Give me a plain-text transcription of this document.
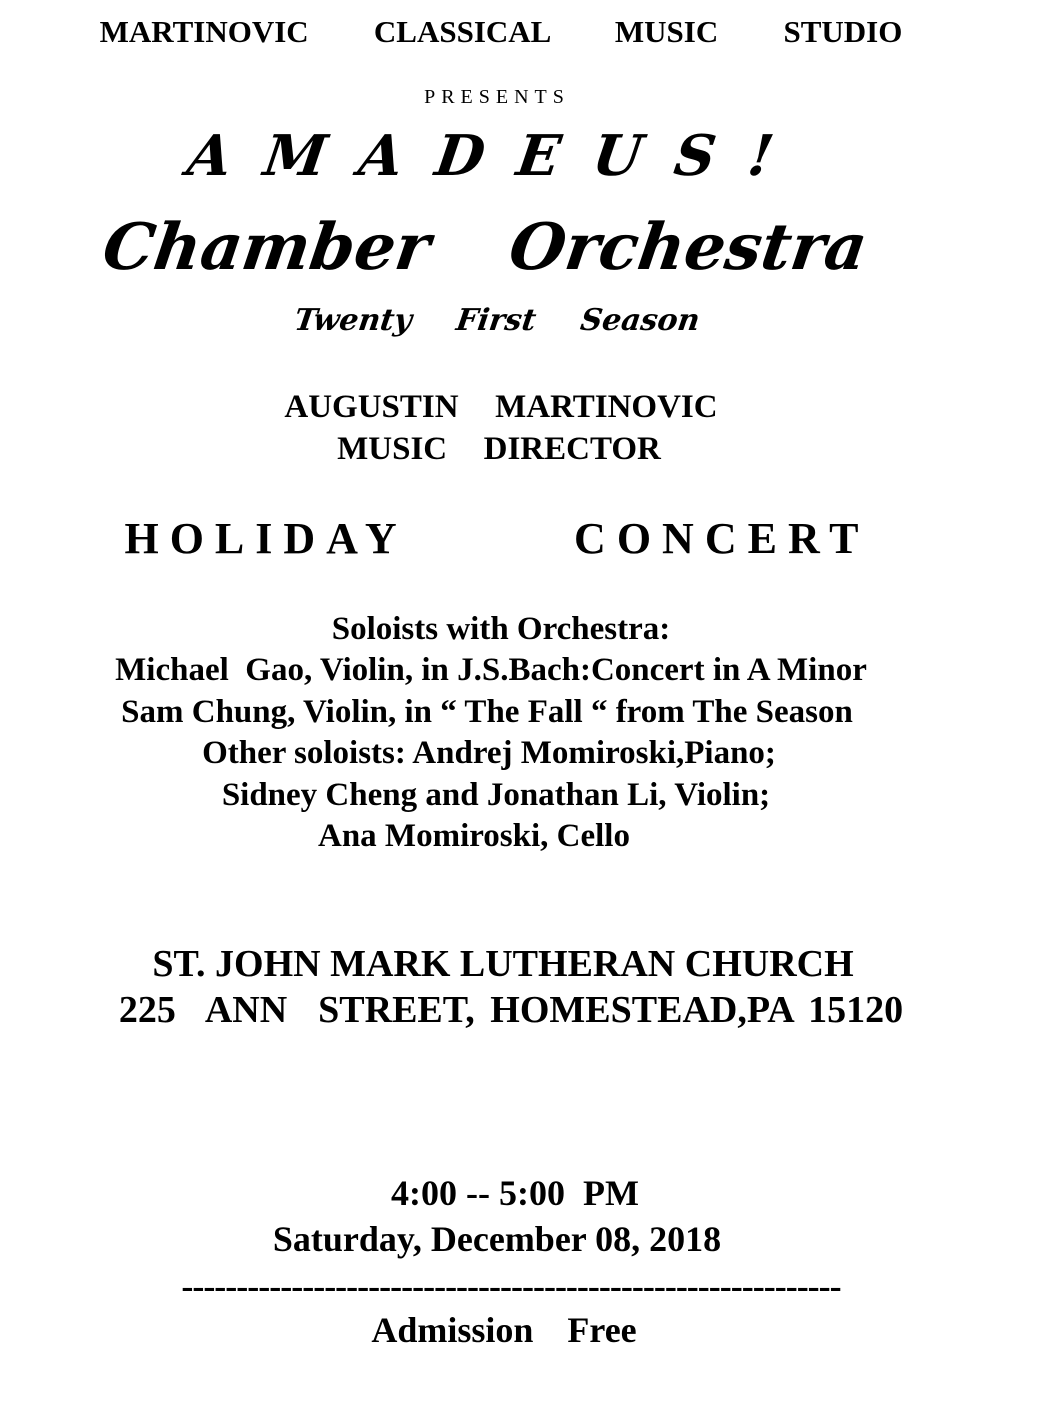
MARTINOVIC   CLASSICAL   MUSIC   STUDIO

PRESENTS

AMADEUS!

Chamber  Orchestra

Twenty  First  Season

AUGUSTIN  MARTINOVIC

MUSIC  DIRECTOR

HOLIDAY   CONCERT

Soloists with Orchestra:

Michael  Gao, Violin, in J.S.Bach:Concert in A Minor

Sam Chung, Violin, in “ The Fall “ from The Season

Other soloists: Andrej Momiroski,Piano;

Sidney Cheng and Jonathan Li, Violin;

Ana Momiroski, Cello

ST. JOHN MARK LUTHERAN CHURCH

225  ANN  STREET, HOMESTEAD,PA 15120

4:00 -- 5:00  PM

Saturday, December 08, 2018

------------------------------------------------------------

Admission  Free
